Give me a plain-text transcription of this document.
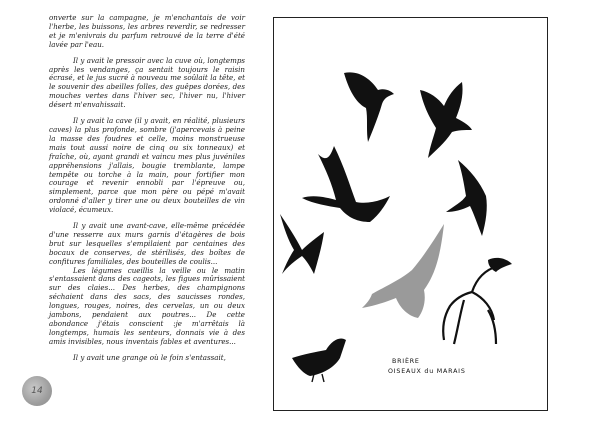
onverte sur la campagne, je m'enchantais de voir l'herbe, les buissons, les arbres reverdir, se redresser et je m'enivrais du parfum retrouvé de la terre d'été lavée par l'eau.

Il y avait le pressoir avec la cuve où, longtemps après les vendanges, ça sentait toujours le raisin écrasé, et le jus sucré à nouveau me soûlait la tête, et le souvenir des abeilles folles, des guêpes dorées, des mouches vertes dans l'hiver sec, l'hiver nu, l'hiver désert m'envahissait.

Il y avait la cave (il y avait, en réalité, plusieurs caves) la plus profonde, sombre (j'apercevais à peine la masse des foudres et celle, moins monstrueuse mais tout aussi noire de cinq ou six tonneaux) et fraîche, où, ayant grandi et vaincu mes plus juvéniles appréhensions j'allais, bougie tremblante, lampe tempête ou torche à la main, pour fortifier mon courage et revenir ennobli par l'épreuve ou, simplement, parce que mon père ou pépé m'avait ordonné d'aller y tirer une ou deux bouteilles de vin violacé, écumeux.

Il y avait une avant-cave, elle-même précédée d'une resserre aux murs garnis d'étagères de bois brut sur lesquelles s'empilaient par centaines des bocaux de conserves, de stérilisés, des boîtes de confitures familiales, des bouteilles de coulis...

Les légumes cueillis la veille ou le matin s'entassaient dans des cageots, les figues mûrissaient sur des claies... Des herbes, des champignons séchaient dans des sacs, des saucisses rondes, longues, rouges, noires, des cervelas, un ou deux jambons, pendaient aux poutres... De cette abondance j'étais conscient :je m'arrêtais là longtemps, humais les senteurs, donnais vie à des amis invisibles, nous inventais fables et aventures...

Il y avait une grange où le foin s'entassait,

14
BRIÈRE
OISEAUX du MARAIS
